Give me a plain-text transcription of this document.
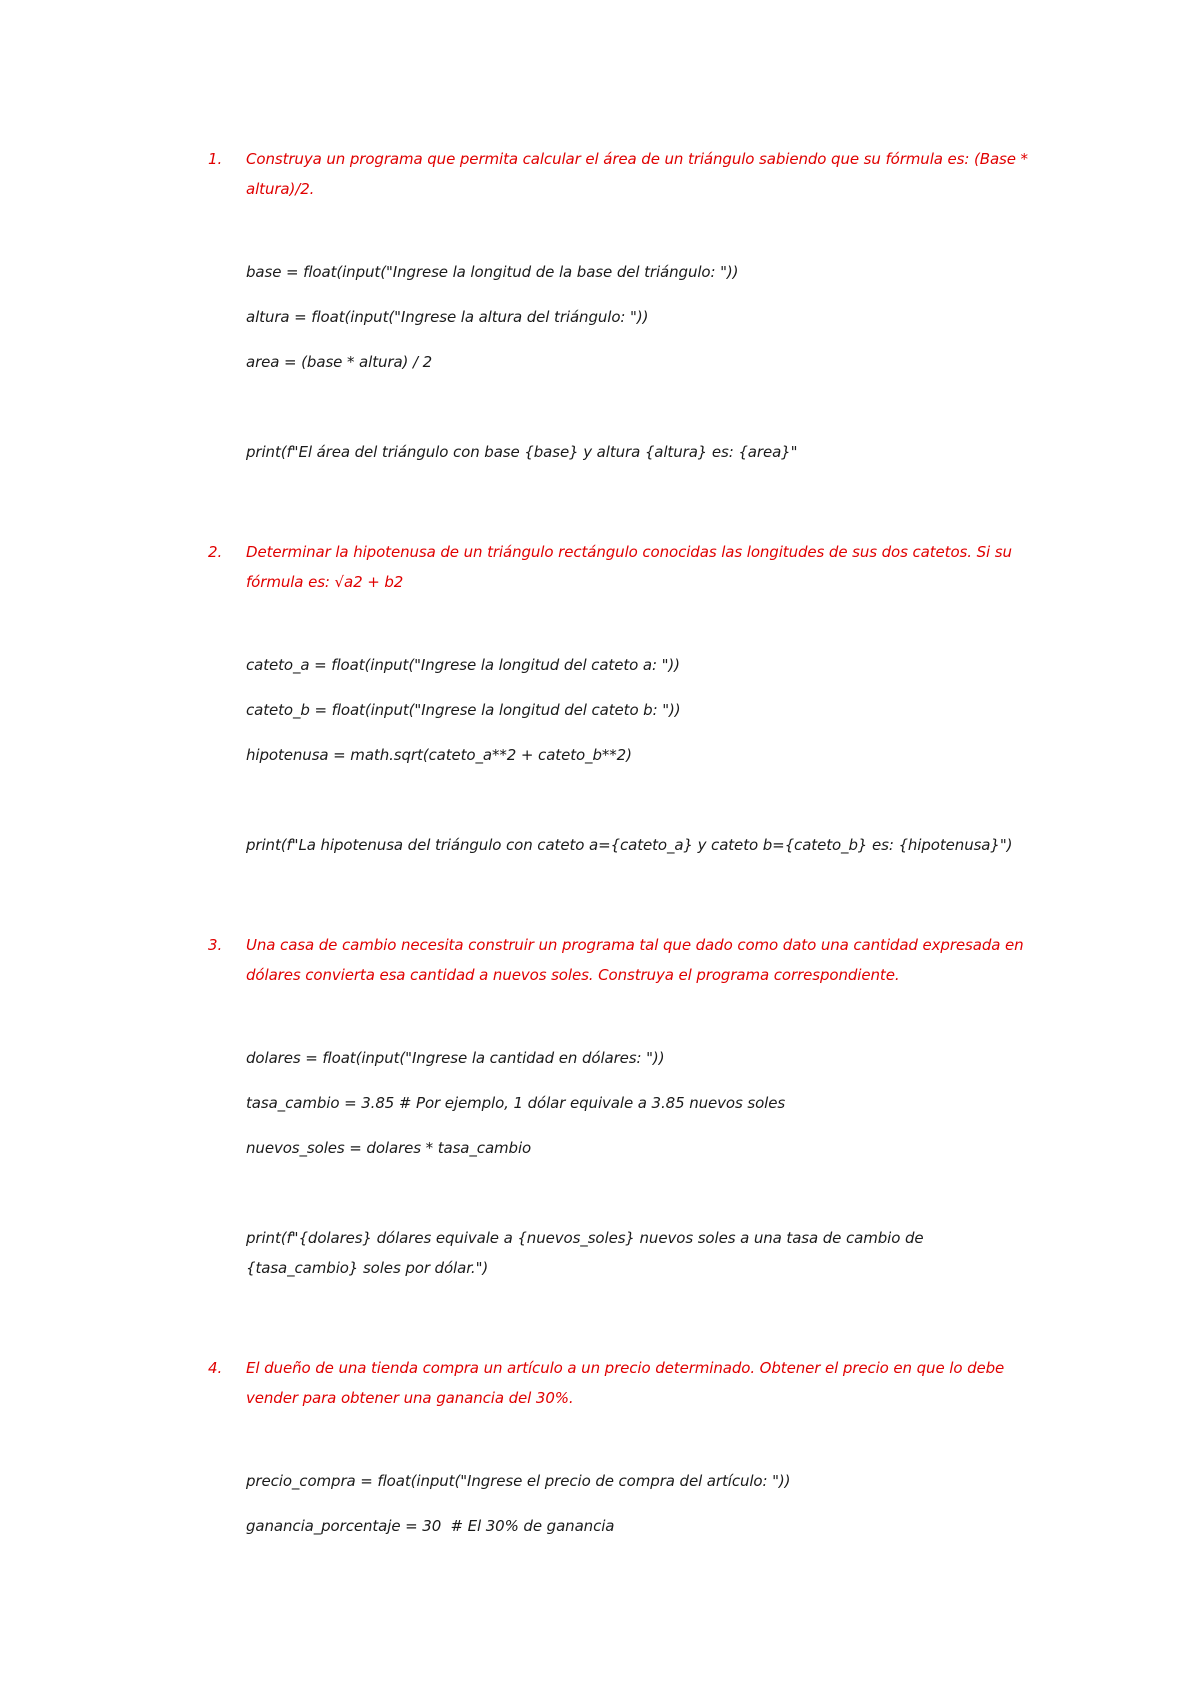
1. Construya un programa que permita calcular el área de un triángulo sabiendo que su fórmula es: (Base * altura)/2.
base = float(input("Ingrese la longitud de la base del triángulo: "))
altura = float(input("Ingrese la altura del triángulo: "))
area = (base * altura) / 2
print(f"El área del triángulo con base {base} y altura {altura} es: {area}"
2. Determinar la hipotenusa de un triángulo rectángulo conocidas las longitudes de sus dos catetos. Si su fórmula es: √a2 + b2
cateto_a = float(input("Ingrese la longitud del cateto a: "))
cateto_b = float(input("Ingrese la longitud del cateto b: "))
hipotenusa = math.sqrt(cateto_a**2 + cateto_b**2)
print(f"La hipotenusa del triángulo con cateto a={cateto_a} y cateto b={cateto_b} es: {hipotenusa}")
3. Una casa de cambio necesita construir un programa tal que dado como dato una cantidad expresada en dólares convierta esa cantidad a nuevos soles. Construya el programa correspondiente.
dolares = float(input("Ingrese la cantidad en dólares: "))
tasa_cambio = 3.85 # Por ejemplo, 1 dólar equivale a 3.85 nuevos soles
nuevos_soles = dolares * tasa_cambio
print(f"{dolares} dólares equivale a {nuevos_soles} nuevos soles a una tasa de cambio de {tasa_cambio} soles por dólar.")
4. El dueño de una tienda compra un artículo a un precio determinado. Obtener el precio en que lo debe vender para obtener una ganancia del 30%.
precio_compra = float(input("Ingrese el precio de compra del artículo: "))
ganancia_porcentaje = 30  # El 30% de ganancia
